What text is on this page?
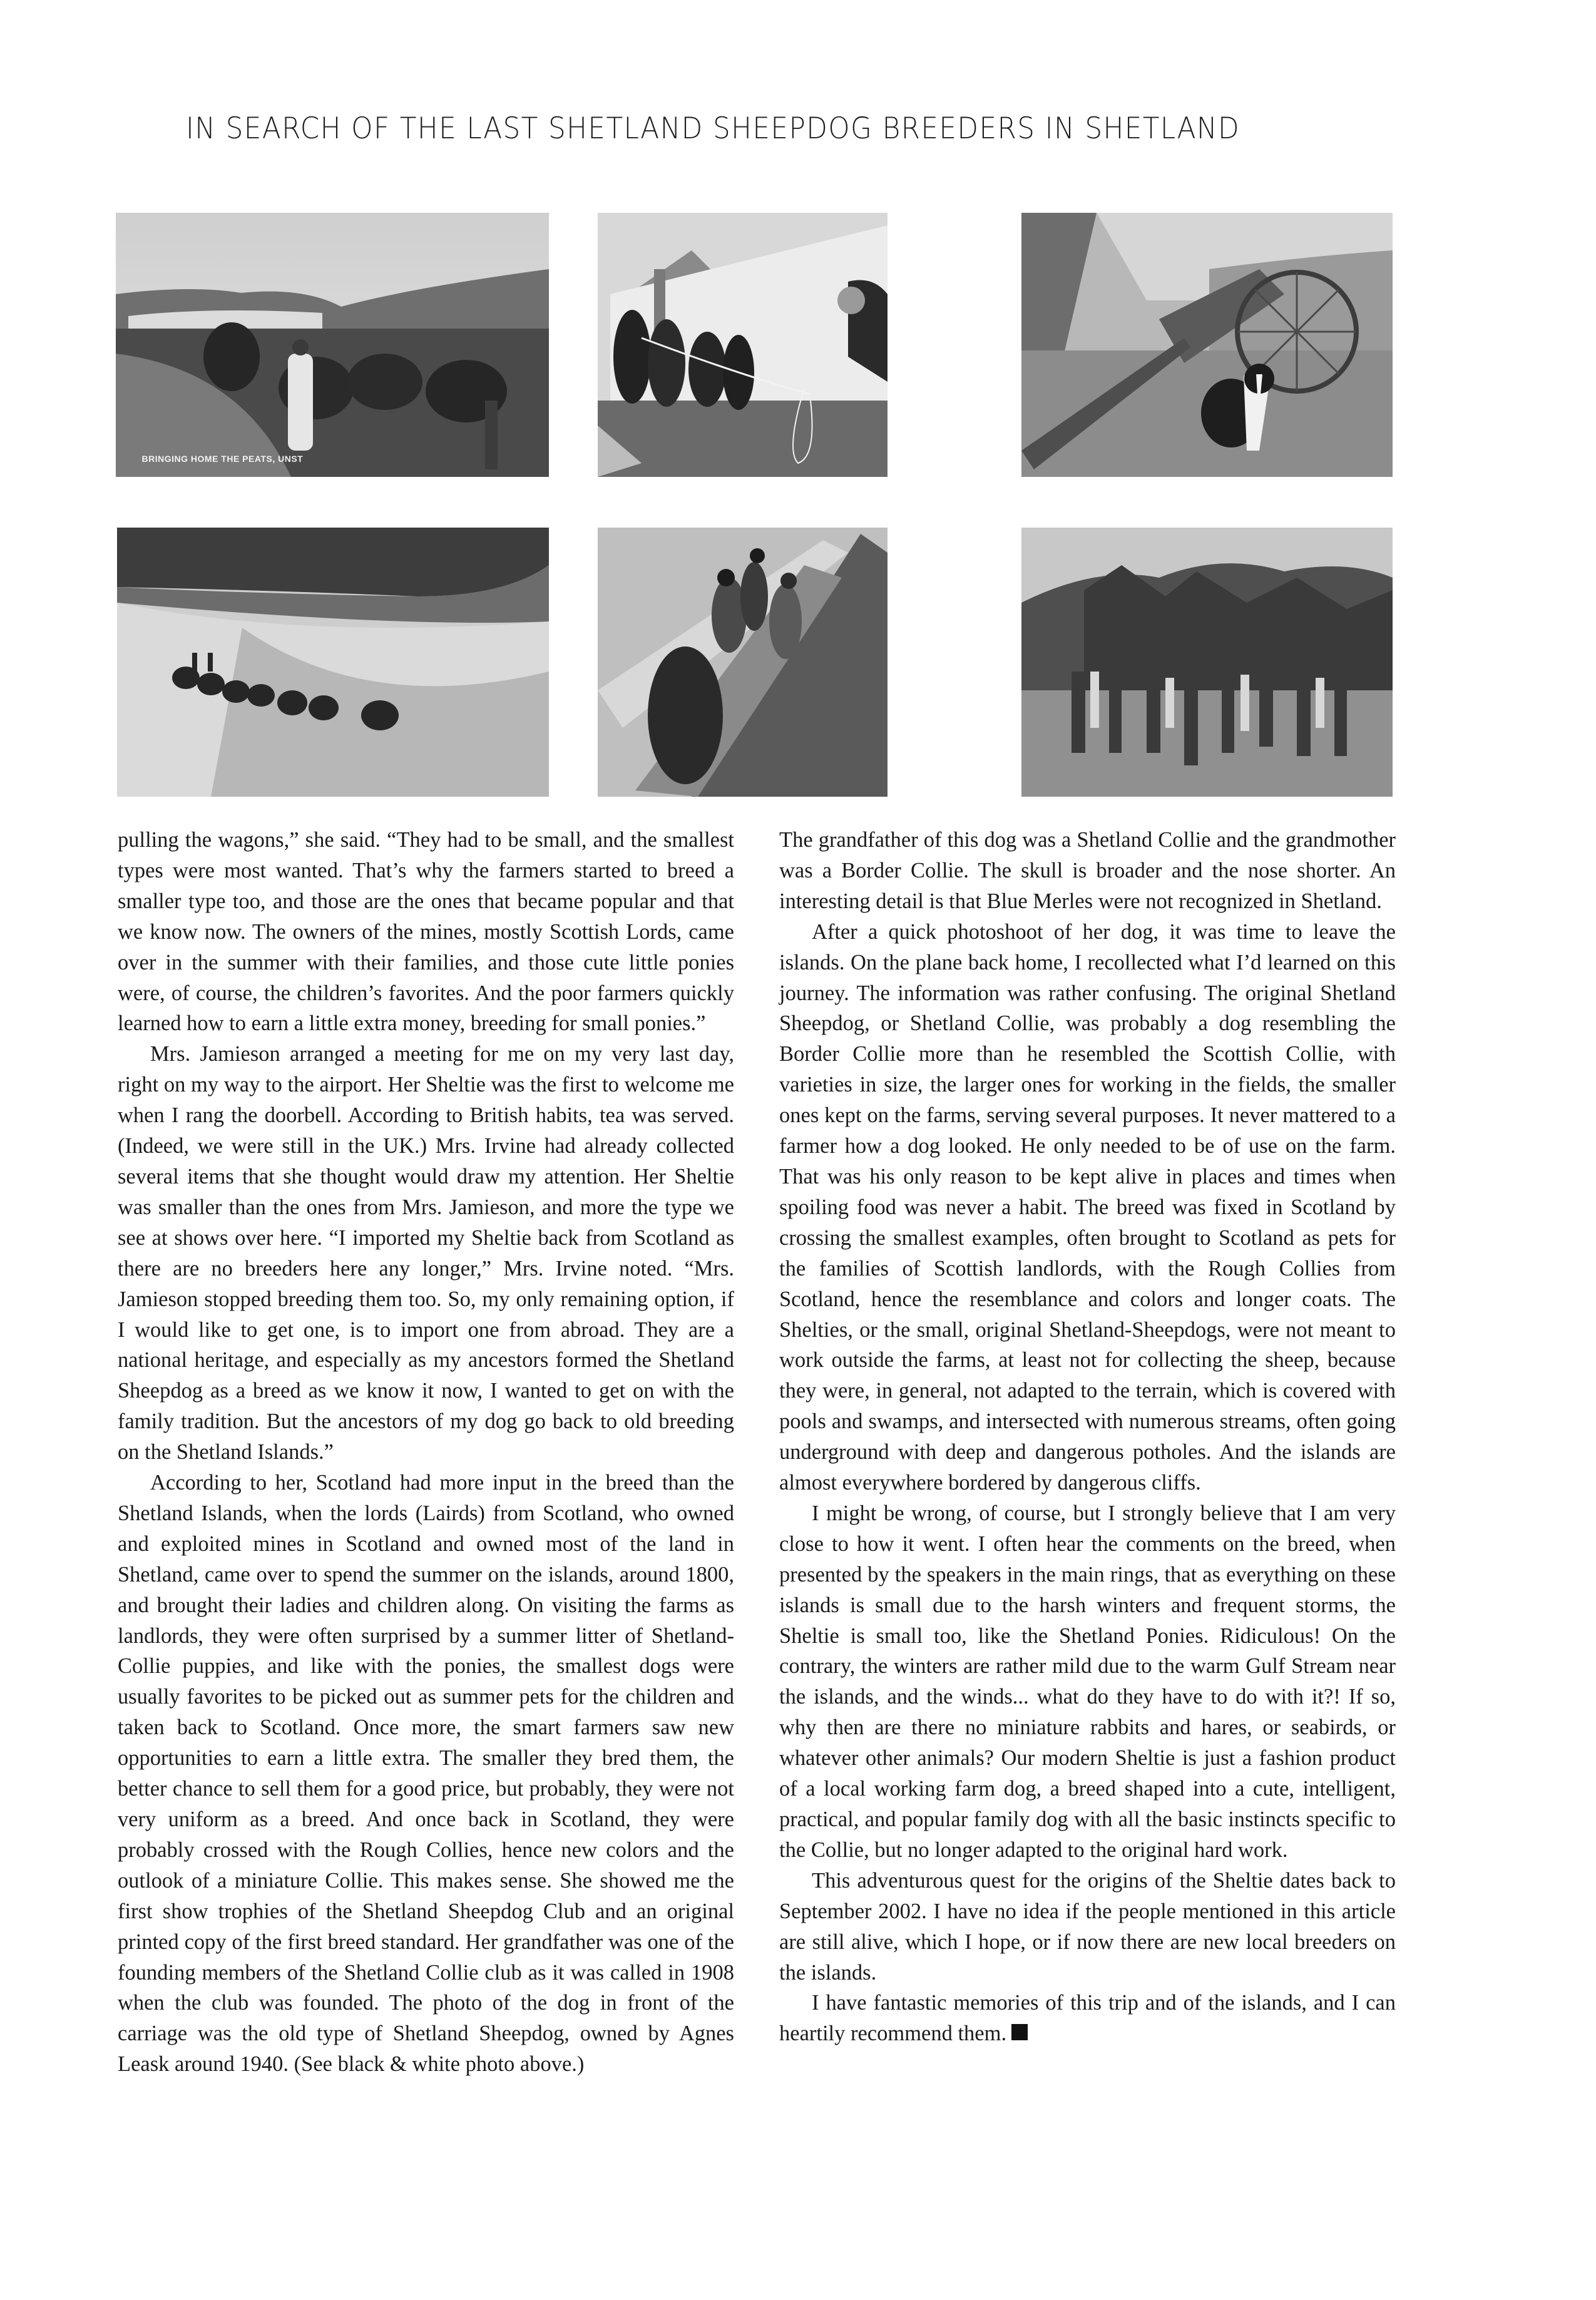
IN SEARCH OF THE LAST SHETLAND SHEEPDOG BREEDERS IN SHETLAND
BRINGING HOME THE PEATS, UNST

pulling the wagons,” she said. “They had to be small, and the smallest types were most wanted. That’s why the farmers started to breed a smaller type too, and those are the ones that became popular and that we know now. The owners of the mines, mostly Scottish Lords, came over in the summer with their families, and those cute little ponies were, of course, the children’s favorites. And the poor farmers quickly learned how to earn a little extra money, breeding for small ponies.”

Mrs. Jamieson arranged a meeting for me on my very last day, right on my way to the airport. Her Sheltie was the first to welcome me when I rang the doorbell. According to British habits, tea was served. (Indeed, we were still in the UK.) Mrs. Irvine had already collected several items that she thought would draw my attention. Her Sheltie was smaller than the ones from Mrs. Jamieson, and more the type we see at shows over here. “I imported my Sheltie back from Scotland as there are no breeders here any longer,” Mrs. Irvine noted. “Mrs. Jamieson stopped breeding them too. So, my only remaining option, if I would like to get one, is to import one from abroad. They are a national heritage, and especially as my ancestors formed the Shetland Sheepdog as a breed as we know it now, I wanted to get on with the family tradition. But the ancestors of my dog go back to old breeding on the Shetland Islands.”

According to her, Scotland had more input in the breed than the Shetland Islands, when the lords (Lairds) from Scotland, who owned and exploited mines in Scotland and owned most of the land in Shetland, came over to spend the summer on the islands, around 1800, and brought their ladies and children along. On visiting the farms as landlords, they were often surprised by a summer litter of Shetland-Collie puppies, and like with the ponies, the smallest dogs were usually favorites to be picked out as summer pets for the children and taken back to Scotland. Once more, the smart farmers saw new opportunities to earn a little extra. The smaller they bred them, the better chance to sell them for a good price, but probably, they were not very uniform as a breed. And once back in Scotland, they were probably crossed with the Rough Collies, hence new colors and the outlook of a miniature Collie. This makes sense. She showed me the first show trophies of the Shetland Sheepdog Club and an original printed copy of the first breed standard. Her grandfather was one of the founding members of the Shetland Collie club as it was called in 1908 when the club was founded. The photo of the dog in front of the carriage was the old type of Shetland Sheepdog, owned by Agnes Leask around 1940. (See black & white photo above.)

The grandfather of this dog was a Shetland Collie and the grandmother was a Border Collie. The skull is broader and the nose shorter. An interesting detail is that Blue Merles were not recognized in Shetland.

After a quick photoshoot of her dog, it was time to leave the islands. On the plane back home, I recollected what I’d learned on this journey. The information was rather confusing. The original Shetland Sheepdog, or Shetland Collie, was probably a dog resembling the Border Collie more than he resembled the Scottish Collie, with varieties in size, the larger ones for working in the fields, the smaller ones kept on the farms, serving several purposes. It never mattered to a farmer how a dog looked. He only needed to be of use on the farm. That was his only reason to be kept alive in places and times when spoiling food was never a habit. The breed was fixed in Scotland by crossing the smallest examples, often brought to Scotland as pets for the families of Scottish landlords, with the Rough Collies from Scotland, hence the resemblance and colors and longer coats. The Shelties, or the small, original Shetland-Sheepdogs, were not meant to work outside the farms, at least not for collecting the sheep, because they were, in general, not adapted to the terrain, which is covered with pools and swamps, and intersected with numerous streams, often going underground with deep and dangerous potholes. And the islands are almost everywhere bordered by dangerous cliffs.

I might be wrong, of course, but I strongly believe that I am very close to how it went. I often hear the comments on the breed, when presented by the speakers in the main rings, that as everything on these islands is small due to the harsh winters and frequent storms, the Sheltie is small too, like the Shetland Ponies. Ridiculous! On the contrary, the winters are rather mild due to the warm Gulf Stream near the islands, and the winds... what do they have to do with it?! If so, why then are there no miniature rabbits and hares, or seabirds, or whatever other animals? Our modern Sheltie is just a fashion product of a local working farm dog, a breed shaped into a cute, intelligent, practical, and popular family dog with all the basic instincts specific to the Collie, but no longer adapted to the original hard work.

This adventurous quest for the origins of the Sheltie dates back to September 2002. I have no idea if the people mentioned in this article are still alive, which I hope, or if now there are new local breeders on the islands.

I have fantastic memories of this trip and of the islands, and I can heartily recommend them.
